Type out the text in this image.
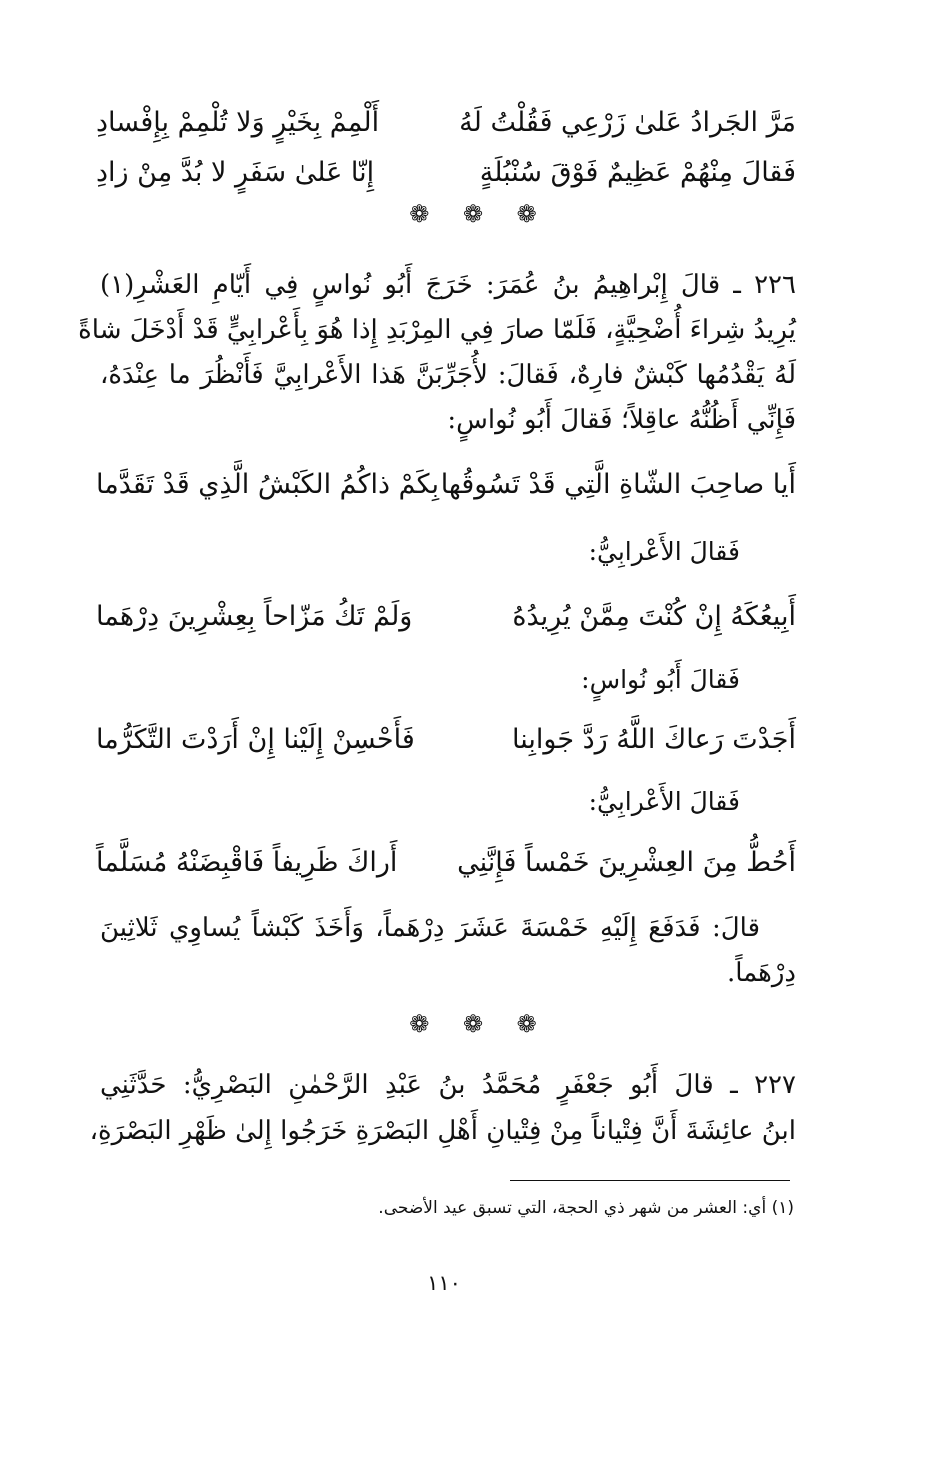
مَرَّ الجَرادُ عَلىٰ زَرْعِي فَقُلْتُ لَهُ
أَلْمِمْ بِخَيْرٍ وَلا تُلْمِمْ بِإِفْسادِ
فَقالَ مِنْهُمْ عَظِيمٌ فَوْقَ سُنْبُلَةٍ
إِنّا عَلىٰ سَفَرٍ لا بُدَّ مِنْ زادِ
❁ ❁ ❁
٢٢٦ ـ قالَ إِبْراهِيمُ بنُ عُمَرَ: خَرَجَ أَبُو نُواسٍ فِي أَيّامِ العَشْرِ(١)
يُرِيدُ شِراءَ أُضْحِيَّةٍ، فَلَمّا صارَ فِي المِرْبَدِ إِذا هُوَ بِأَعْرابِيٍّ قَدْ أَدْخَلَ شاةً
لَهُ يَقْدُمُها كَبْشٌ فارِهٌ، فَقالَ: لأُجَرِّبَنَّ هَذا الأَعْرابِيَّ فَأَنْظُرَ ما عِنْدَهُ،
فَإِنِّي أَظُنُّهُ عاقِلاً؛ فَقالَ أَبُو نُواسٍ:
أَيا صاحِبَ الشّاةِ الَّتِي قَدْ تَسُوقُها
بِكَمْ ذاكُمُ الكَبْشُ الَّذِي قَدْ تَقَدَّما
فَقالَ الأَعْرابِيُّ:
أَبِيعُكَهُ إِنْ كُنْتَ مِمَّنْ يُرِيدُهُ
وَلَمْ تَكُ مَزّاحاً بِعِشْرِينَ دِرْهَما
فَقالَ أَبُو نُواسٍ:
أَجَدْتَ رَعاكَ اللَّهُ رَدَّ جَوابِنا
فَأَحْسِنْ إِلَيْنا إِنْ أَرَدْتَ التَّكَرُّما
فَقالَ الأَعْرابِيُّ:
أَحُطُّ مِنَ العِشْرِينَ خَمْساً فَإِنَّنِي
أَراكَ ظَرِيفاً فَاقْبِضَنْهُ مُسَلَّماً
قالَ: فَدَفَعَ إِلَيْهِ خَمْسَةَ عَشَرَ دِرْهَماً، وَأَخَذَ كَبْشاً يُساوِي ثَلاثِينَ
دِرْهَماً.
❁ ❁ ❁
٢٢٧ ـ قالَ أَبُو جَعْفَرٍ مُحَمَّدُ بنُ عَبْدِ الرَّحْمٰنِ البَصْرِيُّ: حَدَّثَنِي
ابنُ عائِشَةَ أَنَّ فِتْياناً مِنْ فِتْيانِ أَهْلِ البَصْرَةِ خَرَجُوا إِلىٰ ظَهْرِ البَصْرَةِ،
(١) أي: العشر من شهر ذي الحجة، التي تسبق عيد الأضحى.
١١٠
